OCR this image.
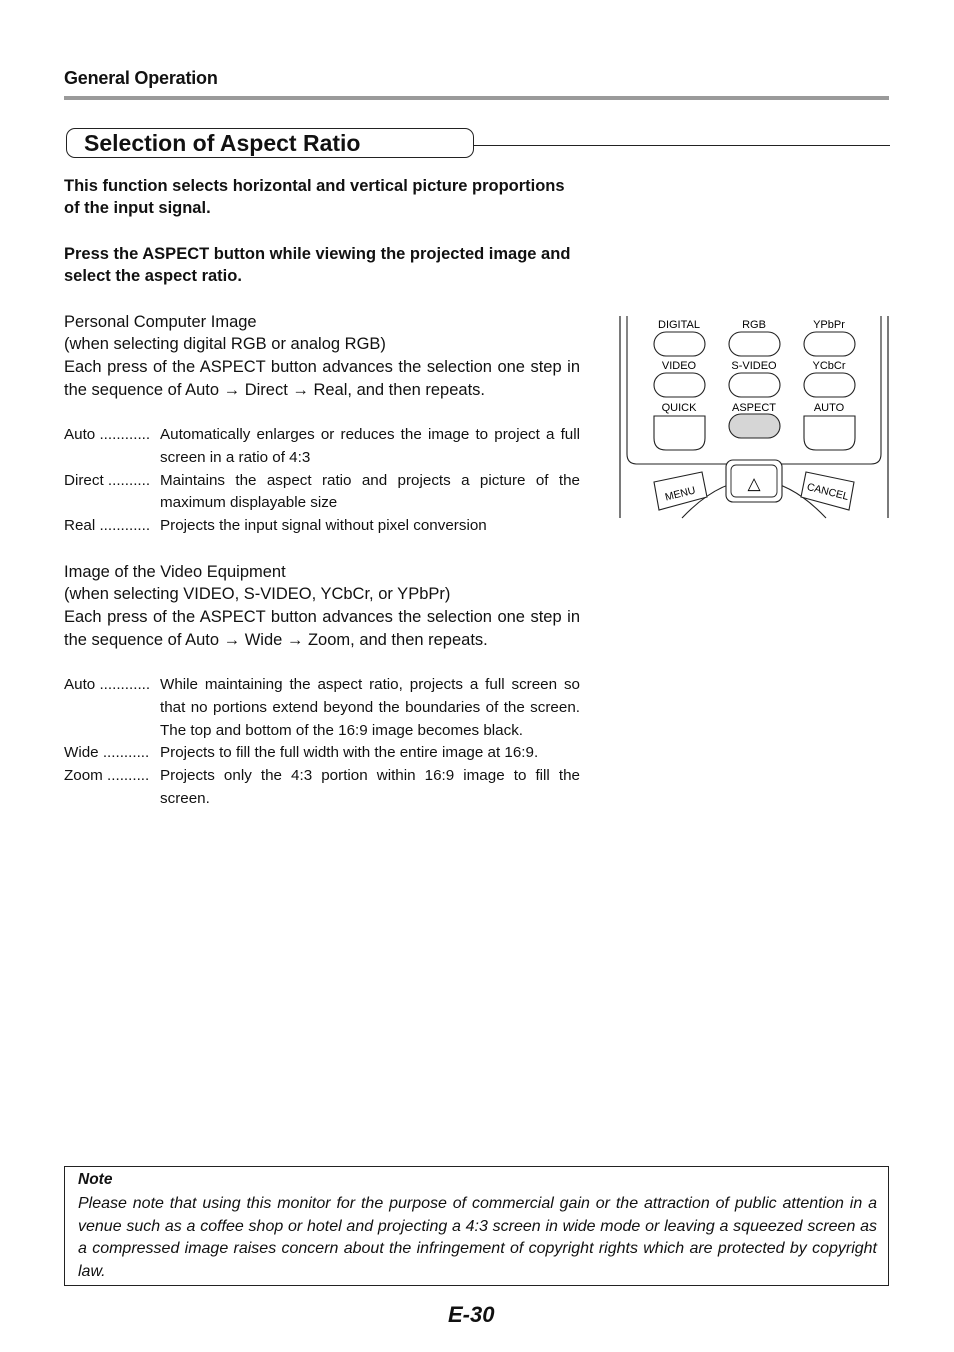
General Operation
Selection of Aspect Ratio
This function selects horizontal and vertical picture proportions of the input signal.
Press the ASPECT button while viewing the projected image and select the aspect ratio.
Personal Computer Image
(when selecting digital RGB or analog RGB)
Each press of the ASPECT button advances the selection one step in the sequence of Auto → Direct → Real, and then repeats.
Auto ............ Automatically enlarges or reduces the image to project a full screen in a ratio of 4:3
Direct .......... Maintains the aspect ratio and projects a picture of the maximum displayable size
Real ............ Projects the input signal without pixel conversion
Image of the Video Equipment
(when selecting VIDEO, S-VIDEO, YCbCr, or YPbPr)
Each press of the ASPECT button advances the selection one step in the sequence of Auto → Wide → Zoom, and then repeats.
Auto ............ While maintaining the aspect ratio, projects a full screen so that no portions extend beyond the boundaries of the screen. The top and bottom of the 16:9 image becomes black.
Wide ........... Projects to fill the full width with the entire image at 16:9.
Zoom .......... Projects only the 4:3 portion within 16:9 image to fill the screen.
DIGITAL	RGB	YPbPr
VIDEO	S-VIDEO	YCbCr
QUICK	ASPECT	AUTO
MENU
△	CANCEL
Note
Please note that using this monitor for the purpose of commercial gain or the attraction of public attention in a venue such as a coffee shop or hotel and projecting a 4:3 screen in wide mode or leaving a squeezed screen as a compressed image raises concern about the infringement of copyright rights which are protected by copyright law.
E-30
